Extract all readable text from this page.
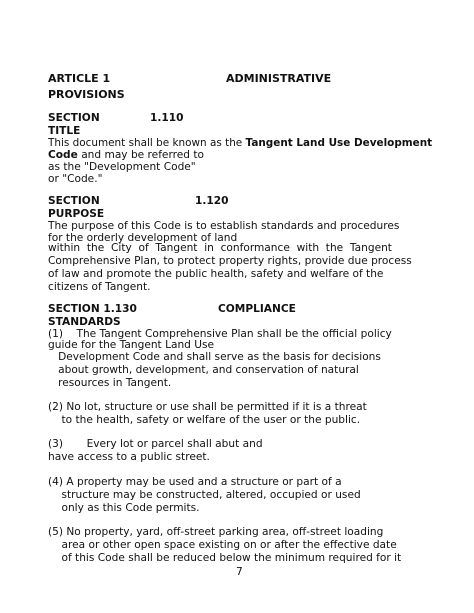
ARTICLE 1	ADMINISTRATIVE
PROVISIONS
SECTION	1.110
TITLE
This document shall be known as the Tangent Land Use Development
Code and may be referred to
as the "Development Code"
or "Code."
SECTION	1.120
PURPOSE
The purpose of this Code is to establish standards and procedures
for the orderly development of land
within  the  City  of  Tangent  in  conformance  with  the  Tangent
Comprehensive Plan, to protect property rights, provide due process
of law and promote the public health, safety and welfare of the
citizens of Tangent.
SECTION 1.130	COMPLIANCE
STANDARDS
(1)    The Tangent Comprehensive Plan shall be the official policy
guide for the Tangent Land Use
Development Code and shall serve as the basis for decisions
about growth, development, and conservation of natural
resources in Tangent.
(2) No lot, structure or use shall be permitted if it is a threat
to the health, safety or welfare of the user or the public.
(3)       Every lot or parcel shall abut and
have access to a public street.
(4) A property may be used and a structure or part of a
structure may be constructed, altered, occupied or used
only as this Code permits.
(5) No property, yard, off-street parking area, off-street loading
area or other open space existing on or after the effective date
of this Code shall be reduced below the minimum required for it
7
